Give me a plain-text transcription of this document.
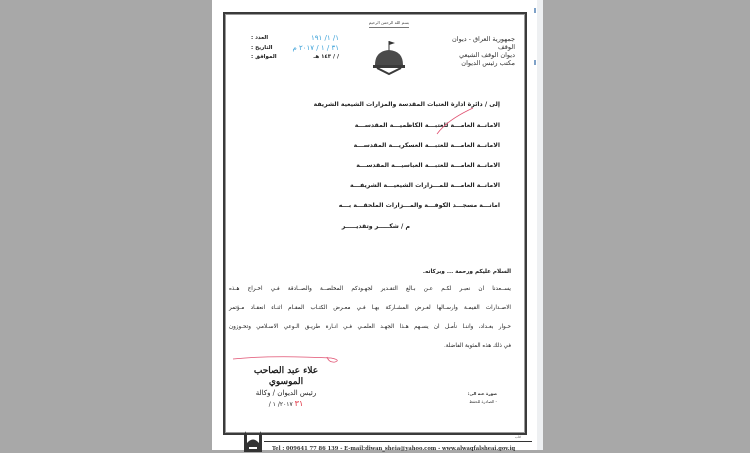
بسم الله الرحمن الرحيم
جمهورية العراق - ديوان الوقف
ديوان الوقف الشيعي
مكتب رئيس الديوان
العدد :	١/ ١/ ١٩١
التاريخ :	٣١ / ١ / ٢٠١٧ م
الموافق :	/ / ١٤٣ هـ
إلى / دائرة ادارة العتبات المقدسة والمزارات الشيعية الشريفة
الامانــة العامـــة للعتبـــة الكاظميـــة المقدســـة
الامانــة العامـــة للعتبـــة العسكريـــة المقدســـة
الامانــة العامـــة للعتبـــة العباسيـــة المقدســـة
الامانــة العامـــة للمـــزارات الشيعيـــة الشريفـــة
امانـــة مسجـــد الكوفـــة والمـــزارات الملحقـــة بـــه
م / شكـــــر وتقديـــــر
السلام عليكم ورحمة ... وبركاته.
يســعدنا ان نعبـر لكـم عـن بـالغ التقـدير لجهـودكم المخلصــة والصــادقة فـي اخـراج هـذه
الاصـدارات القيمـة وارسـالها لغـرض المشـاركة بهـا فـي معـرض الكتـاب المقـام اثنـاء انعقـاد مـؤتمر
حـوار بغـداد، واننـا نأمـل ان يسـهم هـذا الجهـد العلمـي فـي انـارة طريـق الـوعي الاسـلامي وتحـوزون
في ذلك هذه المثوبة الفاضلة.
علاء عبد الصاحب الموسوي
رئيس الديوان / وكالة
٣١ ٢٠١٧/ ١ /
صورة عنه الى:
- الصادرة للحفظ
كتاب
Tel : 009641 77 86 139 - E-mail:diwan_sheia@yahoo.com - www.alwaqfalsheai.gov.iq
